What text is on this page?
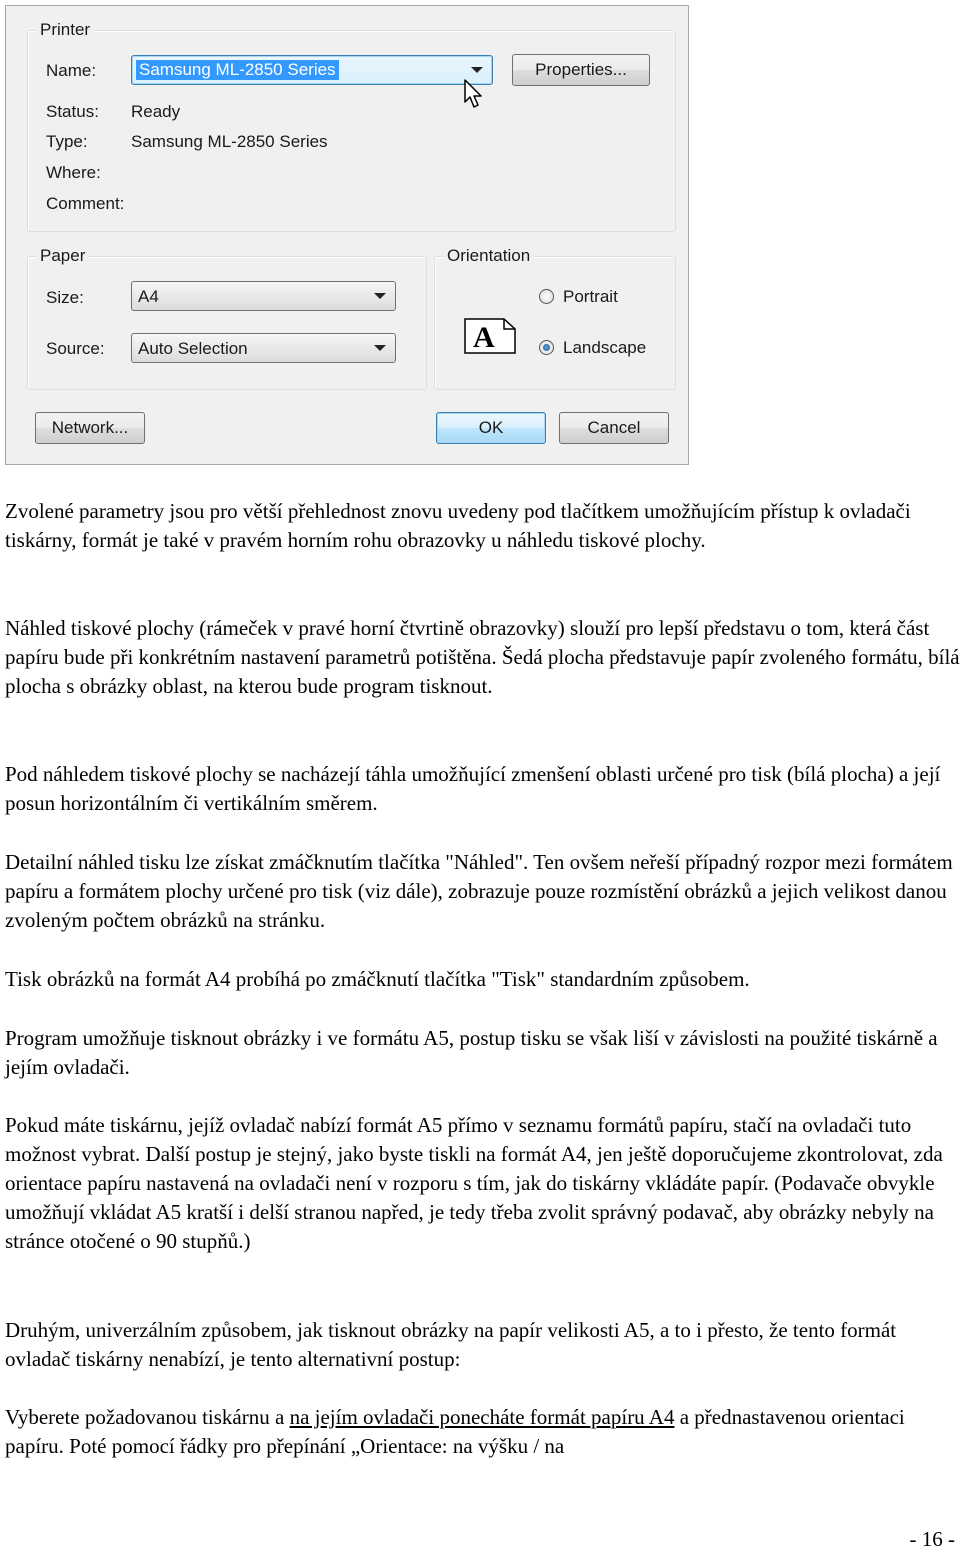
Printer
Name:	Samsung ML-2850 Series	Properties...
Status: Ready
Type:	Samsung ML-2850 Series
Where:
Comment:
Paper
Size:	A4
Source: Auto Selection
Orientation
A
Portrait
Landscape
Network...	OK	Cancel

Zvolené parametry jsou pro větší přehlednost znovu uvedeny pod tlačítkem umožňujícím přístup k ovladači tiskárny, formát je také v pravém horním rohu obrazovky u náhledu tiskové plochy.

Náhled tiskové plochy (rámeček v pravé horní čtvrtině obrazovky) slouží pro lepší představu o tom, která část papíru bude při konkrétním nastavení parametrů potištěna. Šedá plocha představuje papír zvoleného formátu, bílá plocha s obrázky oblast, na kterou bude program tisknout.

Pod náhledem tiskové plochy se nacházejí táhla umožňující zmenšení oblasti určené pro tisk (bílá plocha) a její posun horizontálním či vertikálním směrem.

Detailní náhled tisku lze získat zmáčknutím tlačítka "Náhled". Ten ovšem neřeší případný rozpor mezi formátem papíru a formátem plochy určené pro tisk (viz dále), zobrazuje pouze rozmístění obrázků a jejich velikost danou zvoleným počtem obrázků na stránku.

Tisk obrázků na formát A4 probíhá po zmáčknutí tlačítka "Tisk" standardním způsobem.

Program umožňuje tisknout obrázky i ve formátu A5, postup tisku se však liší v závislosti na použité tiskárně a jejím ovladači.

Pokud máte tiskárnu, jejíž ovladač nabízí formát A5 přímo v seznamu formátů papíru, stačí na ovladači tuto možnost vybrat. Další postup je stejný, jako byste tiskli na formát A4, jen ještě doporučujeme zkontrolovat, zda orientace papíru nastavená na ovladači není v rozporu s tím, jak do tiskárny vkládáte papír. (Podavače obvykle umožňují vkládat A5 kratší i delší stranou napřed, je tedy třeba zvolit správný podavač, aby obrázky nebyly na stránce otočené o 90 stupňů.)

Druhým, univerzálním způsobem, jak tisknout obrázky na papír velikosti A5, a to i přesto, že tento formát ovladač tiskárny nenabízí, je tento alternativní postup:

Vyberete požadovanou tiskárnu a na jejím ovladači ponecháte formát papíru A4 a přednastavenou orientaci papíru. Poté pomocí řádky pro přepínání „Orientace: na výšku / na

- 16 -
